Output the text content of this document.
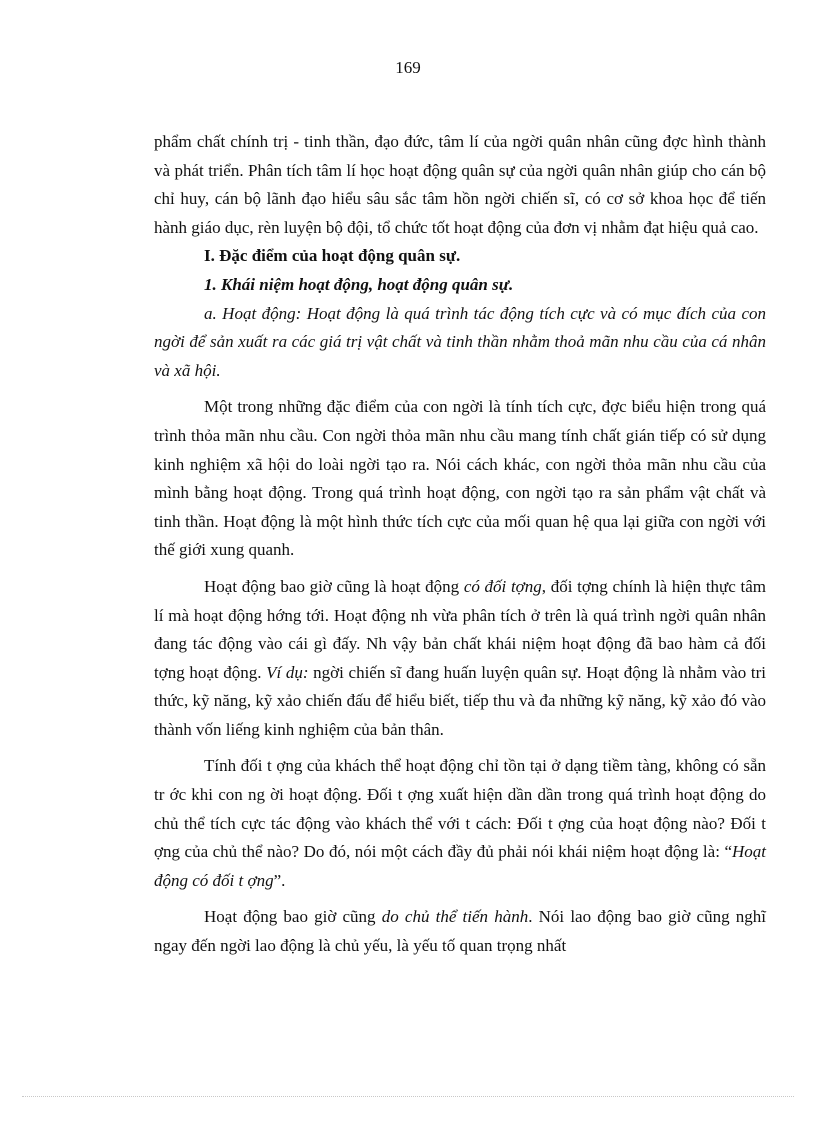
169

phẩm chất chính trị - tinh thần, đạo đức, tâm lí của ngời quân nhân cũng đợc hình thành và phát triển. Phân tích tâm lí học hoạt động quân sự của ngời quân nhân giúp cho cán bộ chỉ huy, cán bộ lãnh đạo hiểu sâu sắc tâm hồn ngời chiến sĩ, có cơ sở khoa học để tiến hành giáo dục, rèn luyện bộ đội, tổ chức tốt hoạt động của đơn vị nhằm đạt hiệu quả cao.

I. Đặc điểm của hoạt động quân sự.

1. Khái niệm hoạt động, hoạt động quân sự.

a. Hoạt động: Hoạt động là quá trình tác động tích cực và có mục đích của con ngời để sản xuất ra các giá trị vật chất và tinh thần nhằm thoả mãn nhu cầu của cá nhân và xã hội.

Một trong những đặc điểm của con ngời là tính tích cực, đợc biểu hiện trong quá trình thỏa mãn nhu cầu. Con ngời thỏa mãn nhu cầu mang tính chất gián tiếp có sử dụng kinh nghiệm xã hội do loài ngời tạo ra. Nói cách khác, con ngời thỏa mãn nhu cầu của mình bằng hoạt động. Trong quá trình hoạt động, con ngời tạo ra sản phẩm vật chất và tinh thần. Hoạt động là một hình thức tích cực của mối quan hệ qua lại giữa con ngời với thế giới xung quanh.

Hoạt động bao giờ cũng là hoạt động có đối tợng, đối tợng chính là hiện thực tâm lí mà hoạt động hớng tới. Hoạt động nh vừa phân tích ở trên là quá trình ngời quân nhân đang tác động vào cái gì đấy. Nh vậy bản chất khái niệm hoạt động đã bao hàm cả đối tợng hoạt động. Ví dụ: ngời chiến sĩ đang huấn luyện quân sự. Hoạt động là nhằm vào tri thức, kỹ năng, kỹ xảo chiến đấu để hiểu biết, tiếp thu và đa những kỹ năng, kỹ xảo đó vào thành vốn liếng kinh nghiệm của bản thân.

Tính đối t ợng của khách thể hoạt động chỉ tồn tại ở dạng tiềm tàng, không có sẵn tr ớc khi con ng ời hoạt động. Đối t ợng xuất hiện dần dần trong quá trình hoạt động do chủ thể tích cực tác động vào khách thể với t cách: Đối t ợng của hoạt động nào? Đối t ợng của chủ thể nào? Do đó, nói một cách đầy đủ phải nói khái niệm hoạt động là: “Hoạt động có đối t ợng”.

Hoạt động bao giờ cũng do chủ thể tiến hành. Nói lao động bao giờ cũng nghĩ ngay đến ngời lao động là chủ yếu, là yếu tố quan trọng nhất
